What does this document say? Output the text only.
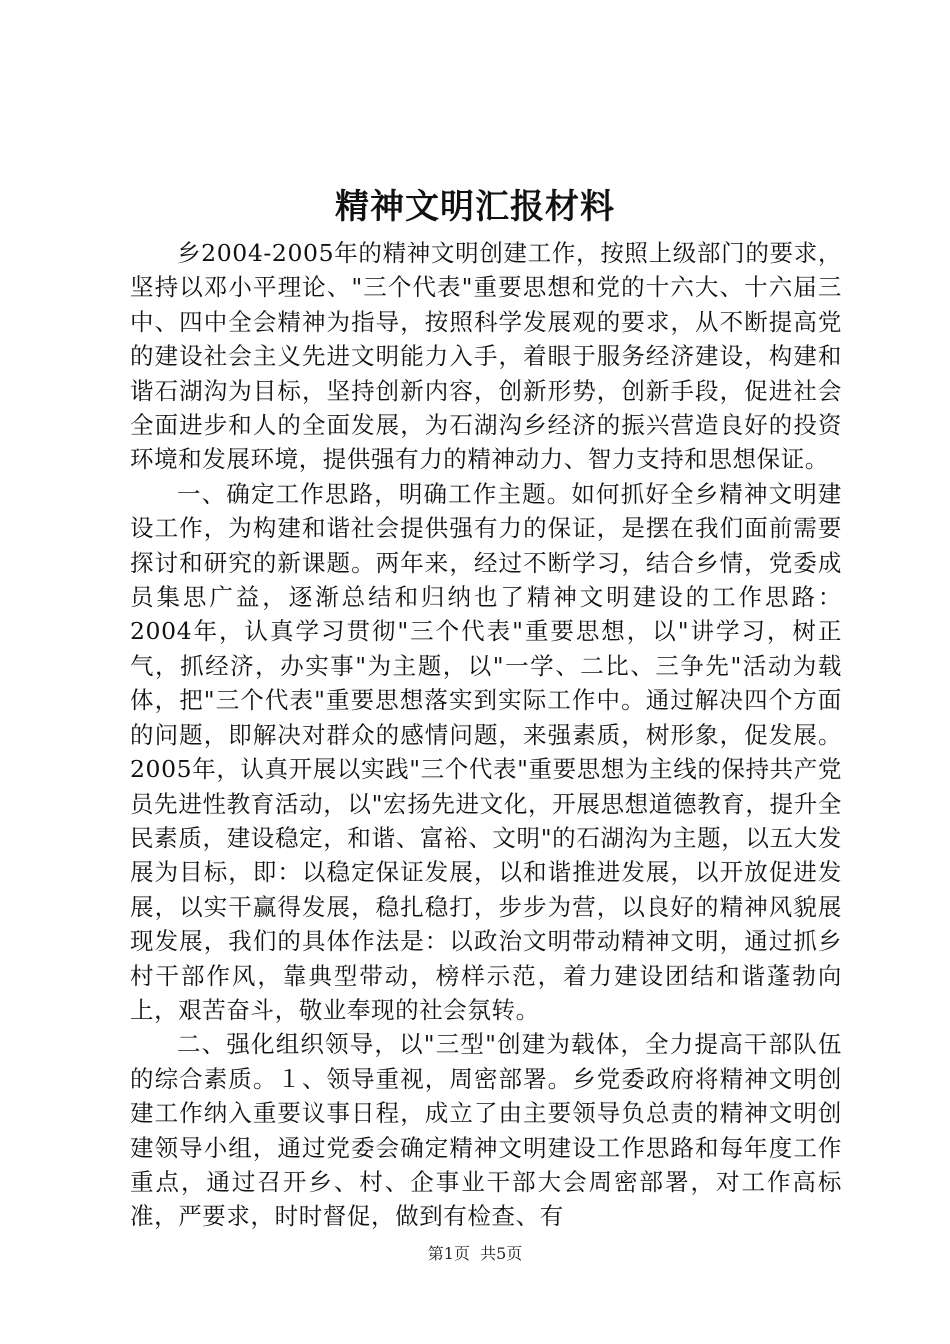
精神文明汇报材料

乡2004-2005年的精神文明创建工作，按照上级部门的要求，坚持以邓小平理论、"三个代表"重要思想和党的十六大、十六届三中、四中全会精神为指导，按照科学发展观的要求，从不断提高党的建设社会主义先进文明能力入手，着眼于服务经济建设，构建和谐石湖沟为目标，坚持创新内容，创新形势，创新手段，促进社会全面进步和人的全面发展，为石湖沟乡经济的振兴营造良好的投资环境和发展环境，提供强有力的精神动力、智力支持和思想保证。

一、确定工作思路，明确工作主题。如何抓好全乡精神文明建设工作，为构建和谐社会提供强有力的保证，是摆在我们面前需要探讨和研究的新课题。两年来，经过不断学习，结合乡情，党委成员集思广益，逐渐总结和归纳也了精神文明建设的工作思路：2004年，认真学习贯彻"三个代表"重要思想，以"讲学习，树正气，抓经济，办实事"为主题，以"一学、二比、三争先"活动为载体，把"三个代表"重要思想落实到实际工作中。通过解决四个方面的问题，即解决对群众的感情问题，来强素质，树形象，促发展。2005年，认真开展以实践"三个代表"重要思想为主线的保持共产党员先进性教育活动，以"宏扬先进文化，开展思想道德教育，提升全民素质，建设稳定，和谐、富裕、文明"的石湖沟为主题，以五大发展为目标，即：以稳定保证发展，以和谐推进发展，以开放促进发展，以实干赢得发展，稳扎稳打，步步为营，以良好的精神风貌展现发展，我们的具体作法是：以政治文明带动精神文明，通过抓乡村干部作风，靠典型带动，榜样示范，着力建设团结和谐蓬勃向上，艰苦奋斗，敬业奉现的社会氛转。

二、强化组织领导，以"三型"创建为载体，全力提高干部队伍的综合素质。１、领导重视，周密部署。乡党委政府将精神文明创建工作纳入重要议事日程，成立了由主要领导负总责的精神文明创建领导小组，通过党委会确定精神文明建设工作思路和每年度工作重点，通过召开乡、村、企事业干部大会周密部署，对工作高标准，严要求，时时督促，做到有检查、有

第1页 共5页
